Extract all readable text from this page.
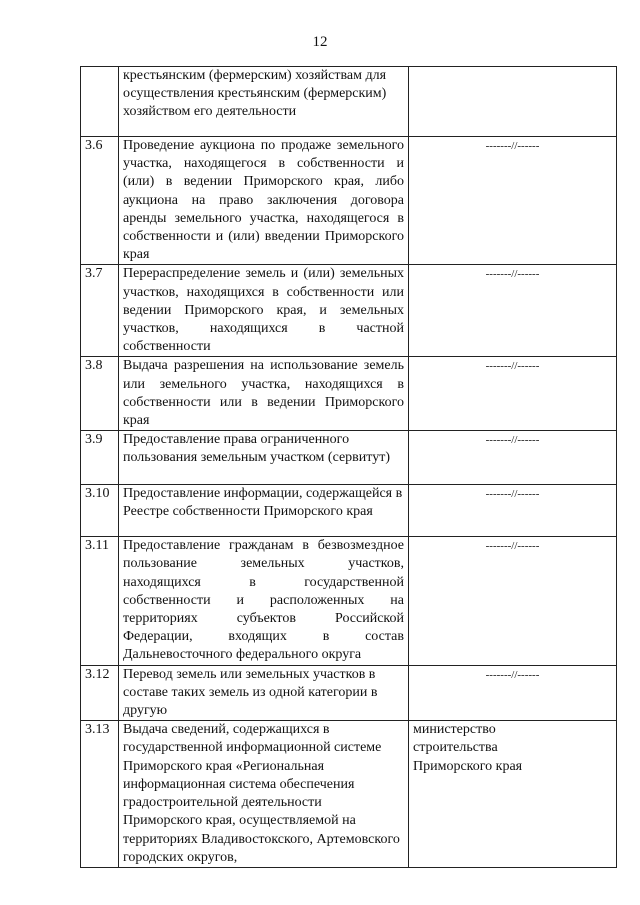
12

	крестьянским (фермерским) хозяйствам для осуществления крестьянским (фермерским) хозяйством его деятельности	

3.6	Проведение аукциона по продаже земельного участка, находящегося в собственности и (или) в ведении Приморского края, либо аукциона на право заключения договора аренды земельного участка, находящегося в собственности и (или) введении Приморского края	-------//------

3.7	Перераспределение земель и (или) земельных участков, находящихся в собственности или ведении Приморского края, и земельных участков, находящихся в частной собственности	-------//------

3.8	Выдача разрешения на использование земель или земельного участка, находящихся в собственности или в ведении Приморского края	-------//------

3.9	Предоставление права ограниченного пользования земельным участком (сервитут)	-------//------

3.10	Предоставление информации, содержащейся в Реестре собственности Приморского края	-------//------

3.11	Предоставление гражданам в безвозмездное пользование земельных участков, находящихся в государственной собственности и расположенных на территориях субъектов Российской Федерации, входящих в состав Дальневосточного федерального округа	-------//------

3.12	Перевод земель или земельных участков в составе таких земель из одной категории в другую	-------//------

3.13	Выдача сведений, содержащихся в государственной информационной системе Приморского края «Региональная информационная система обеспечения градостроительной деятельности Приморского края, осуществляемой на территориях Владивостокского, Артемовского городских округов,	министерство строительства Приморского края
